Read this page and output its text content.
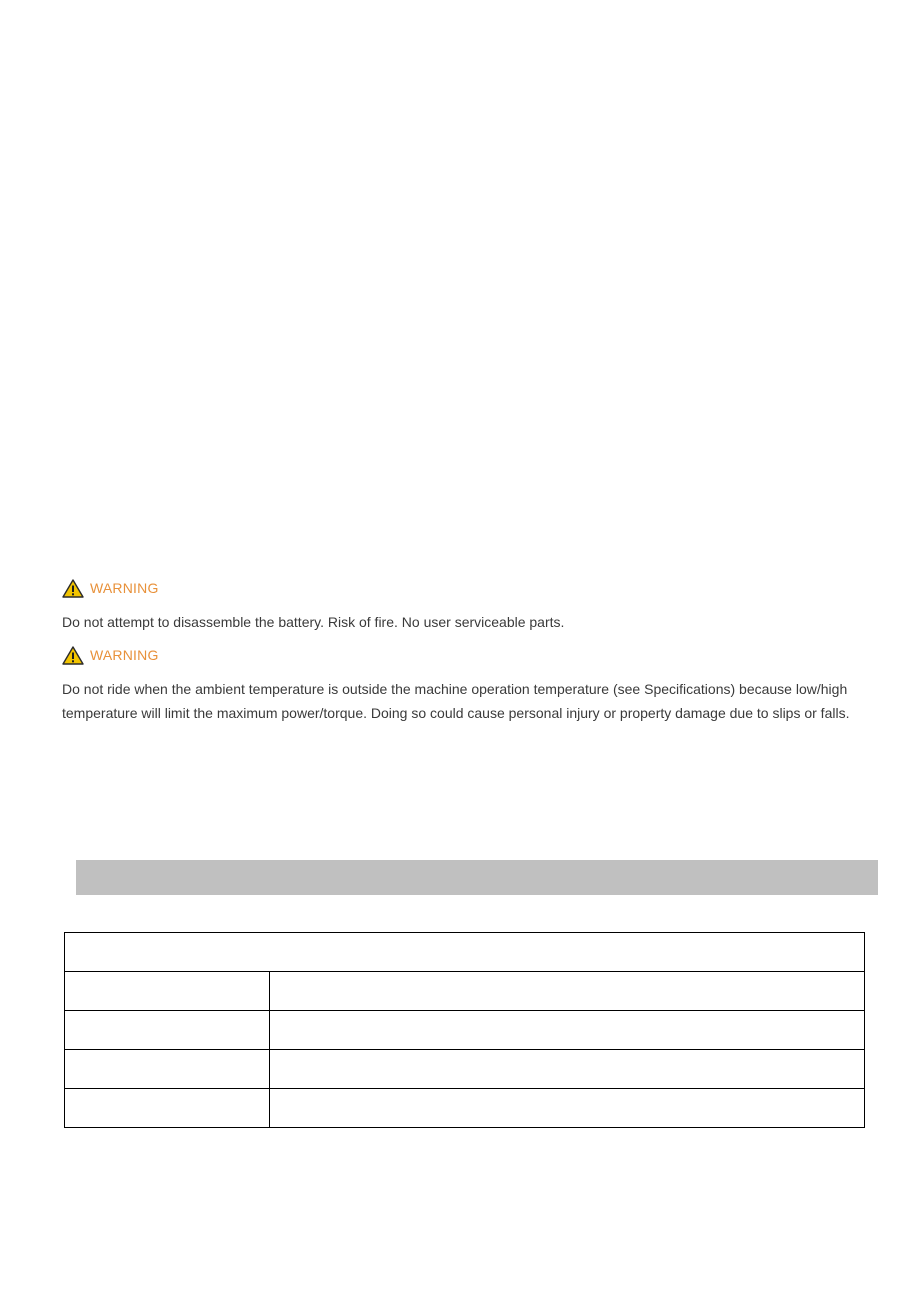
WARNING

Do not attempt to disassemble the battery. Risk of fire. No user serviceable parts.

WARNING

Do not ride when the ambient temperature is outside the machine operation temperature (see Specifications) because low/high temperature will limit the maximum power/torque. Doing so could cause personal injury or property damage due to slips or falls.
